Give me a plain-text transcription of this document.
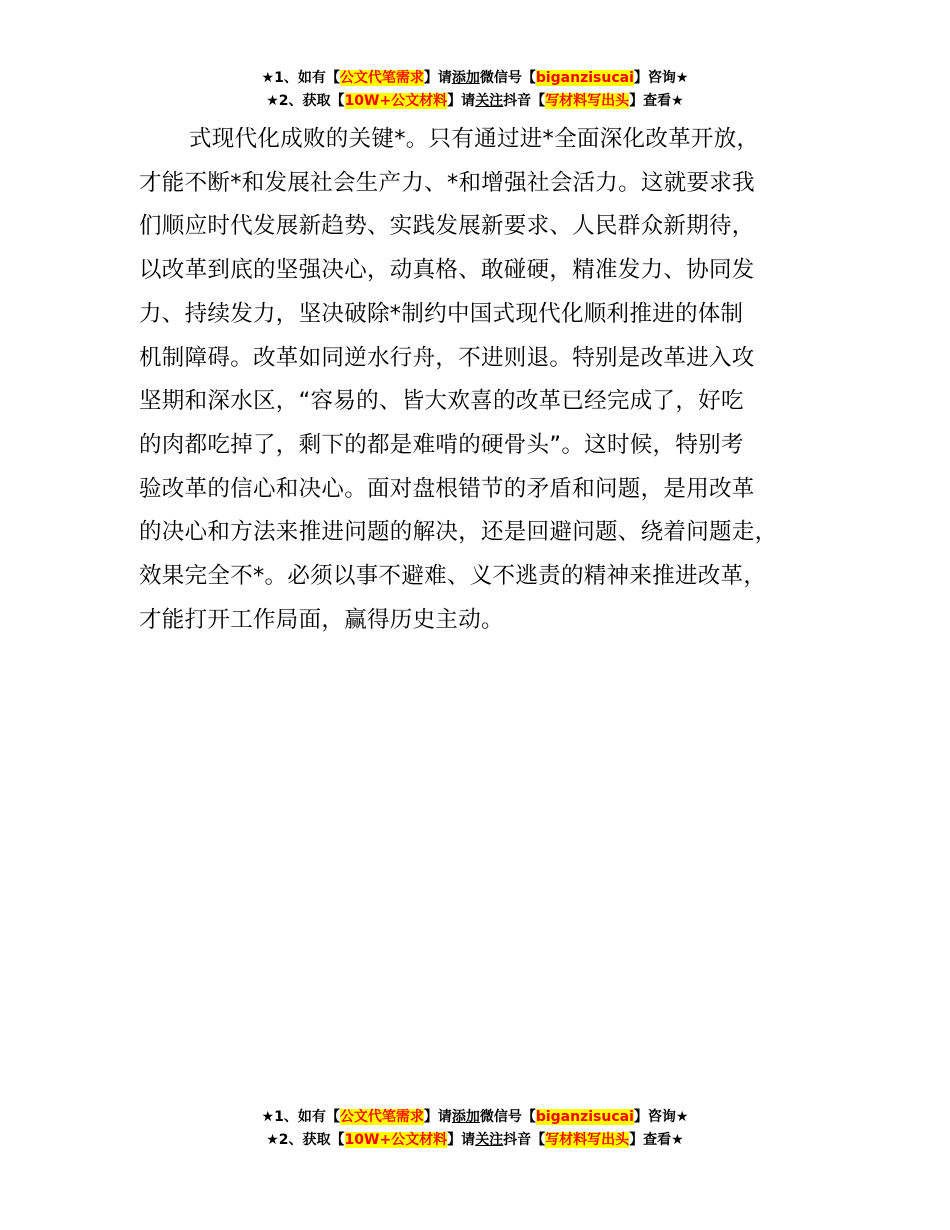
★1、如有【公文代笔需求】请添加微信号【biganzisucai】咨询★
★2、获取【10W+公文材料】请关注抖音【写材料写出头】查看★
式现代化成败的关键*。只有通过进*全面深化改革开放，
才能不断*和发展社会生产力、*和增强社会活力。这就要求我
们顺应时代发展新趋势、实践发展新要求、人民群众新期待，
以改革到底的坚强决心，动真格、敢碰硬，精准发力、协同发
力、持续发力，坚决破除*制约中国式现代化顺利推进的体制
机制障碍。改革如同逆水行舟，不进则退。特别是改革进入攻
坚期和深水区，“容易的、皆大欢喜的改革已经完成了，好吃
的肉都吃掉了，剩下的都是难啃的硬骨头”。这时候，特别考
验改革的信心和决心。面对盘根错节的矛盾和问题，是用改革
的决心和方法来推进问题的解决，还是回避问题、绕着问题走，
效果完全不*。必须以事不避难、义不逃责的精神来推进改革，
才能打开工作局面，赢得历史主动。
★1、如有【公文代笔需求】请添加微信号【biganzisucai】咨询★
★2、获取【10W+公文材料】请关注抖音【写材料写出头】查看★
